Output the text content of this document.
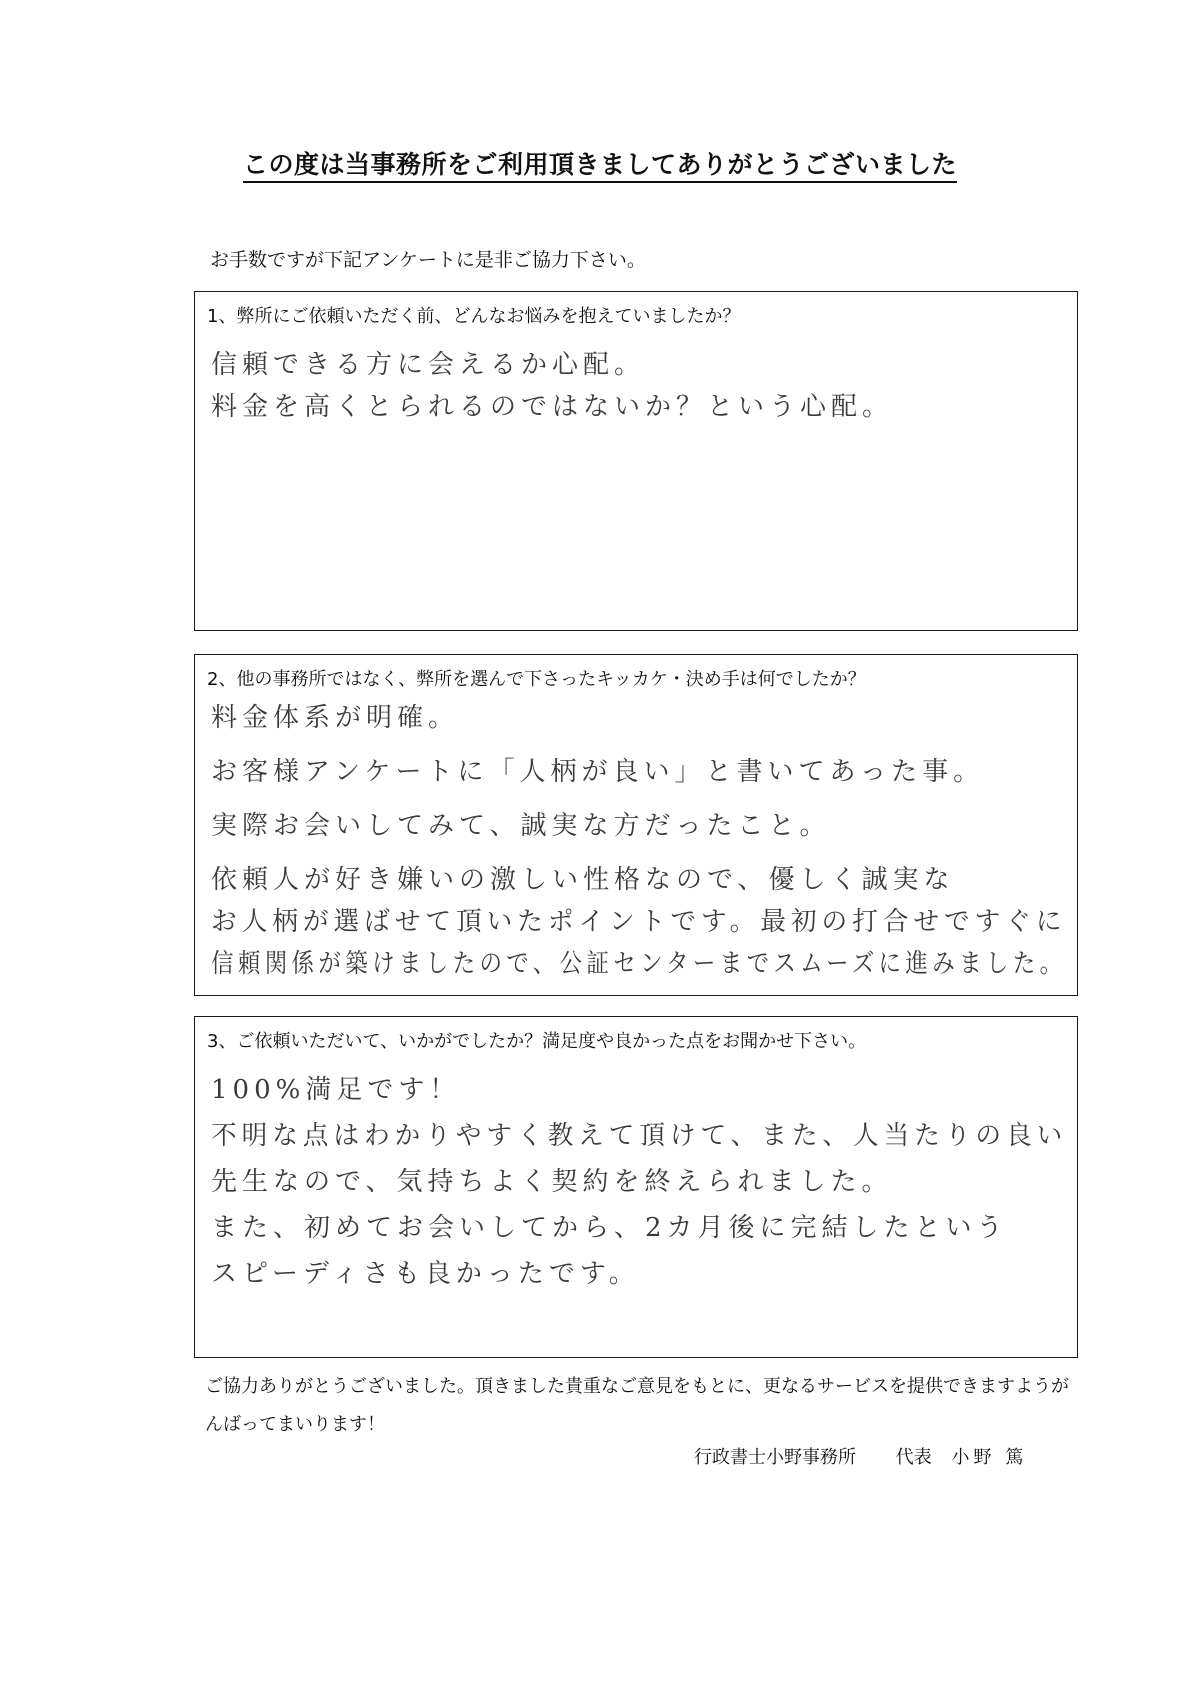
この度は当事務所をご利用頂きましてありがとうございました
お手数ですが下記アンケートに是非ご協力下さい。
1、弊所にご依頼いただく前、どんなお悩みを抱えていましたか？
信頼できる方に会えるか心配。
料金を高くとられるのではないか？という心配。
2、他の事務所ではなく、弊所を選んで下さったキッカケ・決め手は何でしたか？
料金体系が明確。
お客様アンケートに「人柄が良い」と書いてあった事。
実際お会いしてみて、誠実な方だったこと。
依頼人が好き嫌いの激しい性格なので、優しく誠実な
お人柄が選ばせて頂いたポイントです。最初の打合せですぐに
信頼関係が築けましたので、公証センターまでスムーズに進みました。
3、ご依頼いただいて、いかがでしたか？満足度や良かった点をお聞かせ下さい。
100%満足です！
不明な点はわかりやすく教えて頂けて、また、人当たりの良い
先生なので、気持ちよく契約を終えられました。
また、初めてお会いしてから、2カ月後に完結したという
スピーディさも良かったです。
ご協力ありがとうございました。頂きました貴重なご意見をもとに、更なるサービスを提供できますようがんばってまいります！
行政書士小野事務所 代表 小野 篤
